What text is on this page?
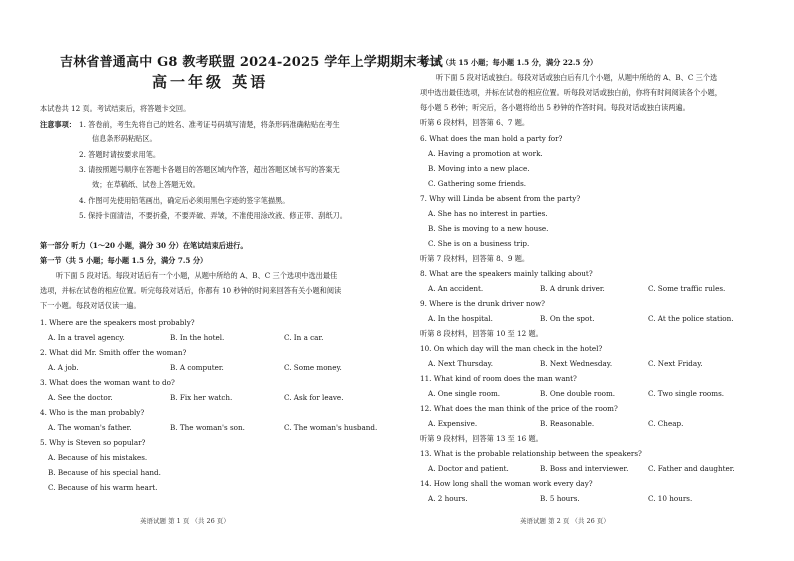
吉林省普通高中 G8 教考联盟 2024-2025 学年上学期期末考试
高一年级 英语
本试卷共 12 页。考试结束后，将答题卡交回。
注意事项： 1. 答卷前，考生先将自己的姓名、准考证号码填写清楚，将条形码准确粘贴在考生
信息条形码粘贴区。
2. 答题时请按要求用笔。
3. 请按照题号顺序在答题卡各题目的答题区域内作答，超出答题区域书写的答案无
效；在草稿纸、试卷上答题无效。
4. 作图可先使用铅笔画出，确定后必须用黑色字迹的签字笔描黑。
5. 保持卡面清洁，不要折叠，不要弄破、弄皱，不准使用涂改液、修正带、刮纸刀。
第一部分 听力（1～20 小题，满分 30 分）在笔试结束后进行。
第一节（共 5 小题；每小题 1.5 分，满分 7.5 分）
听下面 5 段对话。每段对话后有一个小题，从题中所给的 A、B、C 三个选项中选出最佳
选项，并标在试卷的相应位置。听完每段对话后，你都有 10 秒钟的时间来回答有关小题和阅读
下一小题。每段对话仅读一遍。
1. Where are the speakers most probably?
A. In a travel agency.	B. In the hotel.	C. In a car.
2. What did Mr. Smith offer the woman?
A. A job.	B. A computer.	C. Some money.
3. What does the woman want to do?
A. See the doctor.	B. Fix her watch.	C. Ask for leave.
4. Who is the man probably?
A. The woman's father.	B. The woman's son.	C. The woman's husband.
5. Why is Steven so popular?
A. Because of his mistakes.
B. Because of his special hand.
C. Because of his warm heart.
英语试题 第 1 页 （共 26 页）
第二节（共 15 小题；每小题 1.5 分，满分 22.5 分）
听下面 5 段对话或独白。每段对话或独白后有几个小题，从题中所给的 A、B、C 三个选
项中选出最佳选项，并标在试卷的相应位置。听每段对话或独白前，你将有时间阅读各个小题，
每小题 5 秒钟；听完后，各小题将给出 5 秒钟的作答时间。每段对话或独白读两遍。
听第 6 段材料，回答第 6、7 题。
6. What does the man hold a party for?
A. Having a promotion at work.
B. Moving into a new place.
C. Gathering some friends.
7. Why will Linda be absent from the party?
A. She has no interest in parties.
B. She is moving to a new house.
C. She is on a business trip.
听第 7 段材料，回答第 8、9 题。
8. What are the speakers mainly talking about?
A. An accident.	B. A drunk driver.	C. Some traffic rules.
9. Where is the drunk driver now?
A. In the hospital.	B. On the spot.	C. At the police station.
听第 8 段材料，回答第 10 至 12 题。
10. On which day will the man check in the hotel?
A. Next Thursday.	B. Next Wednesday.	C. Next Friday.
11. What kind of room does the man want?
A. One single room.	B. One double room.	C. Two single rooms.
12. What does the man think of the price of the room?
A. Expensive.	B. Reasonable.	C. Cheap.
听第 9 段材料，回答第 13 至 16 题。
13. What is the probable relationship between the speakers?
A. Doctor and patient.	B. Boss and interviewer.	C. Father and daughter.
14. How long shall the woman work every day?
A. 2 hours.	B. 5 hours.	C. 10 hours.
英语试题 第 2 页 （共 26 页）
